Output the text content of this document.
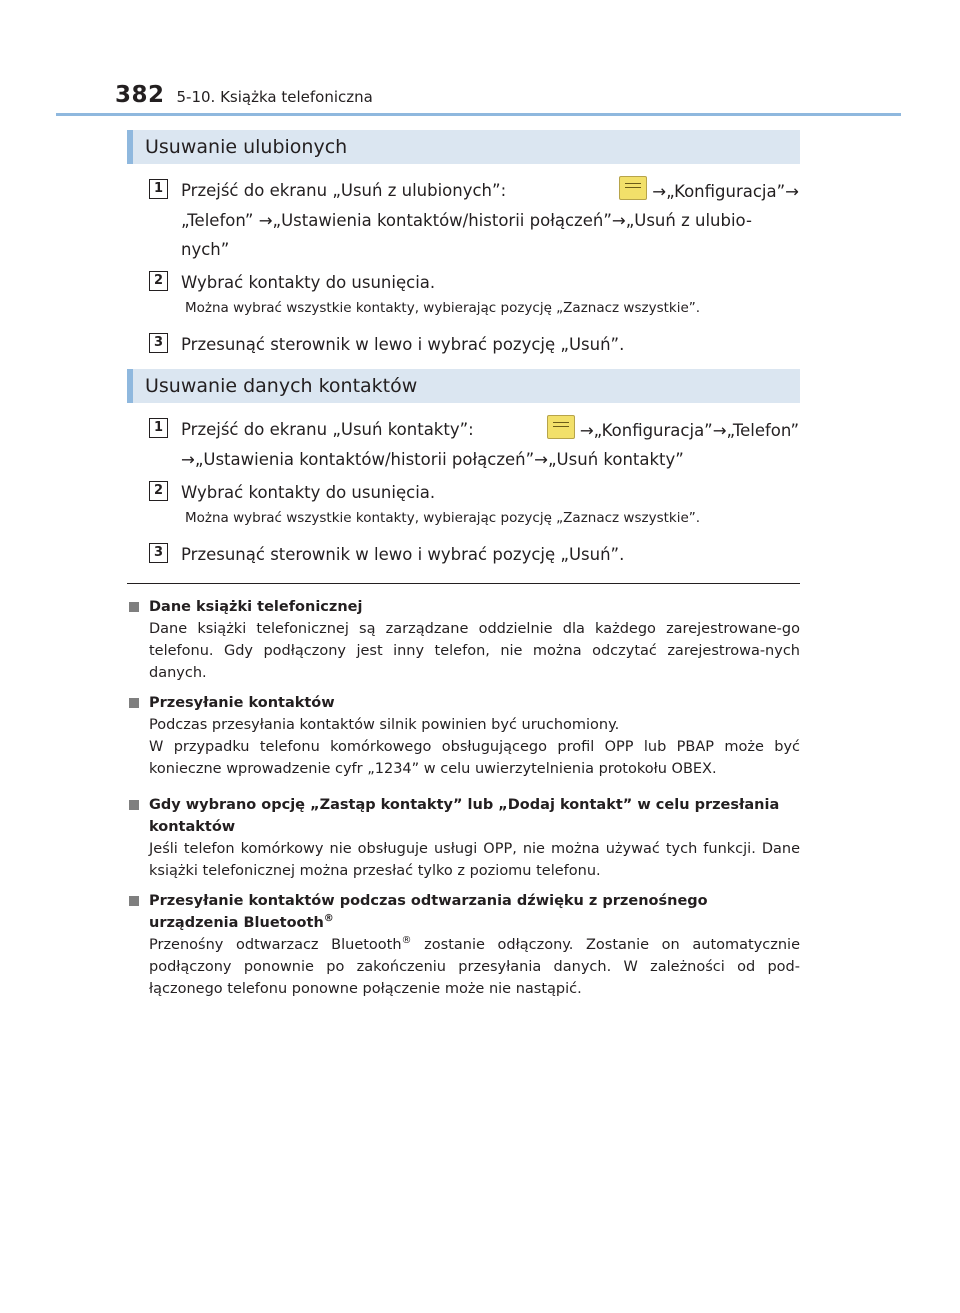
382 5-10. Książka telefoniczna
Usuwanie ulubionych
1	Przejść do ekranu „Usuń z ulubionych”:	→„Konfiguracja”→
„Telefon” →„Ustawienia kontaktów/historii połączeń”→„Usuń z ulubio-
nych”
2	Wybrać kontakty do usunięcia.
Można wybrać wszystkie kontakty, wybierając pozycję „Zaznacz wszystkie”.
3	Przesunąć sterownik w lewo i wybrać pozycję „Usuń”.
Usuwanie danych kontaktów
1	Przejść do ekranu „Usuń kontakty”:	→„Konfiguracja”→„Telefon”
→„Ustawienia kontaktów/historii połączeń”→„Usuń kontakty”
2	Wybrać kontakty do usunięcia.
Można wybrać wszystkie kontakty, wybierając pozycję „Zaznacz wszystkie”.
3	Przesunąć sterownik w lewo i wybrać pozycję „Usuń”.
Dane książki telefonicznej
Dane książki telefonicznej są zarządzane oddzielnie dla każdego zarejestrowane-go telefonu. Gdy podłączony jest inny telefon, nie można odczytać zarejestrowa-nych danych.
Przesyłanie kontaktów
Podczas przesyłania kontaktów silnik powinien być uruchomiony.
W przypadku telefonu komórkowego obsługującego profil OPP lub PBAP może być konieczne wprowadzenie cyfr „1234” w celu uwierzytelnienia protokołu OBEX.
Gdy wybrano opcję „Zastąp kontakty” lub „Dodaj kontakt” w celu przesłania kontaktów
Jeśli telefon komórkowy nie obsługuje usługi OPP, nie można używać tych funkcji. Dane książki telefonicznej można przesłać tylko z poziomu telefonu.
Przesyłanie kontaktów podczas odtwarzania dźwięku z przenośnego urządzenia Bluetooth®
Przenośny odtwarzacz Bluetooth® zostanie odłączony. Zostanie on automatycznie podłączony ponownie po zakończeniu przesyłania danych. W zależności od pod-łączonego telefonu ponowne połączenie może nie nastąpić.
